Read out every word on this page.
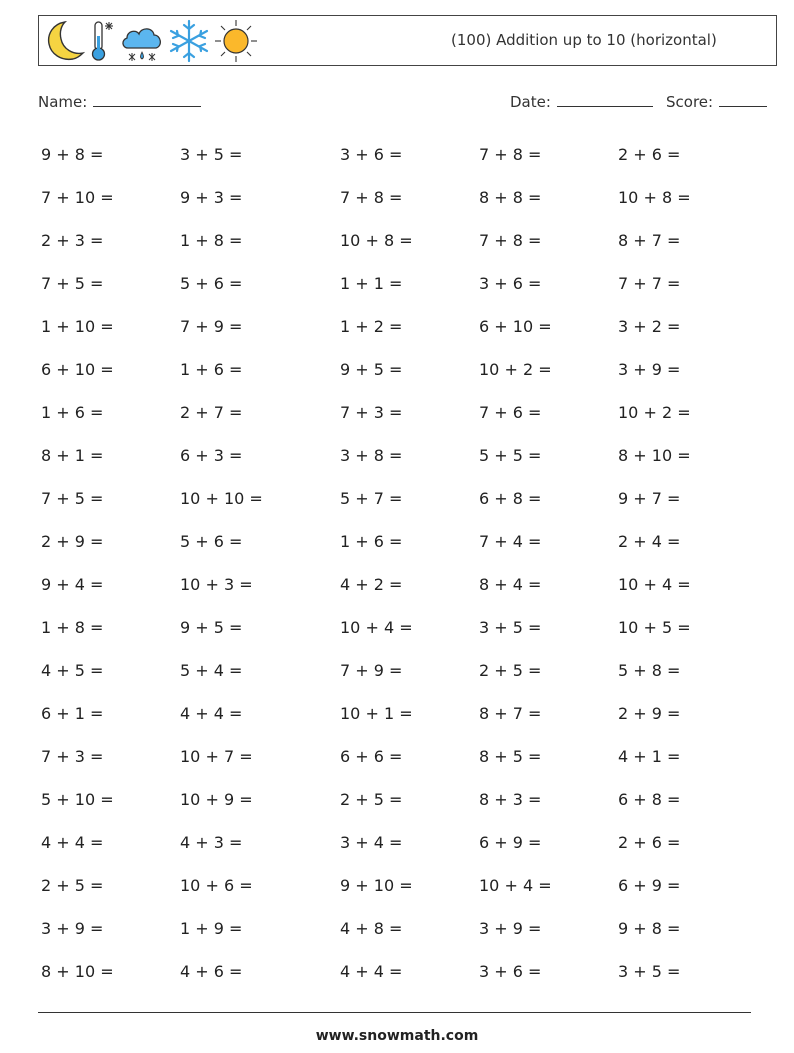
(100) Addition up to 10 (horizontal)
Name:	Date:	Score:
9 + 8 =	3 + 5 =	3 + 6 =	7 + 8 =	2 + 6 =
7 + 10 =	9 + 3 =	7 + 8 =	8 + 8 =	10 + 8 =
2 + 3 =	1 + 8 =	10 + 8 =	7 + 8 =	8 + 7 =
7 + 5 =	5 + 6 =	1 + 1 =	3 + 6 =	7 + 7 =
1 + 10 =	7 + 9 =	1 + 2 =	6 + 10 =	3 + 2 =
6 + 10 =	1 + 6 =	9 + 5 =	10 + 2 =	3 + 9 =
1 + 6 =	2 + 7 =	7 + 3 =	7 + 6 =	10 + 2 =
8 + 1 =	6 + 3 =	3 + 8 =	5 + 5 =	8 + 10 =
7 + 5 =	10 + 10 =	5 + 7 =	6 + 8 =	9 + 7 =
2 + 9 =	5 + 6 =	1 + 6 =	7 + 4 =	2 + 4 =
9 + 4 =	10 + 3 =	4 + 2 =	8 + 4 =	10 + 4 =
1 + 8 =	9 + 5 =	10 + 4 =	3 + 5 =	10 + 5 =
4 + 5 =	5 + 4 =	7 + 9 =	2 + 5 =	5 + 8 =
6 + 1 =	4 + 4 =	10 + 1 =	8 + 7 =	2 + 9 =
7 + 3 =	10 + 7 =	6 + 6 =	8 + 5 =	4 + 1 =
5 + 10 =	10 + 9 =	2 + 5 =	8 + 3 =	6 + 8 =
4 + 4 =	4 + 3 =	3 + 4 =	6 + 9 =	2 + 6 =
2 + 5 =	10 + 6 =	9 + 10 =	10 + 4 =	6 + 9 =
3 + 9 =	1 + 9 =	4 + 8 =	3 + 9 =	9 + 8 =
8 + 10 =	4 + 6 =	4 + 4 =	3 + 6 =	3 + 5 =
www.snowmath.com
